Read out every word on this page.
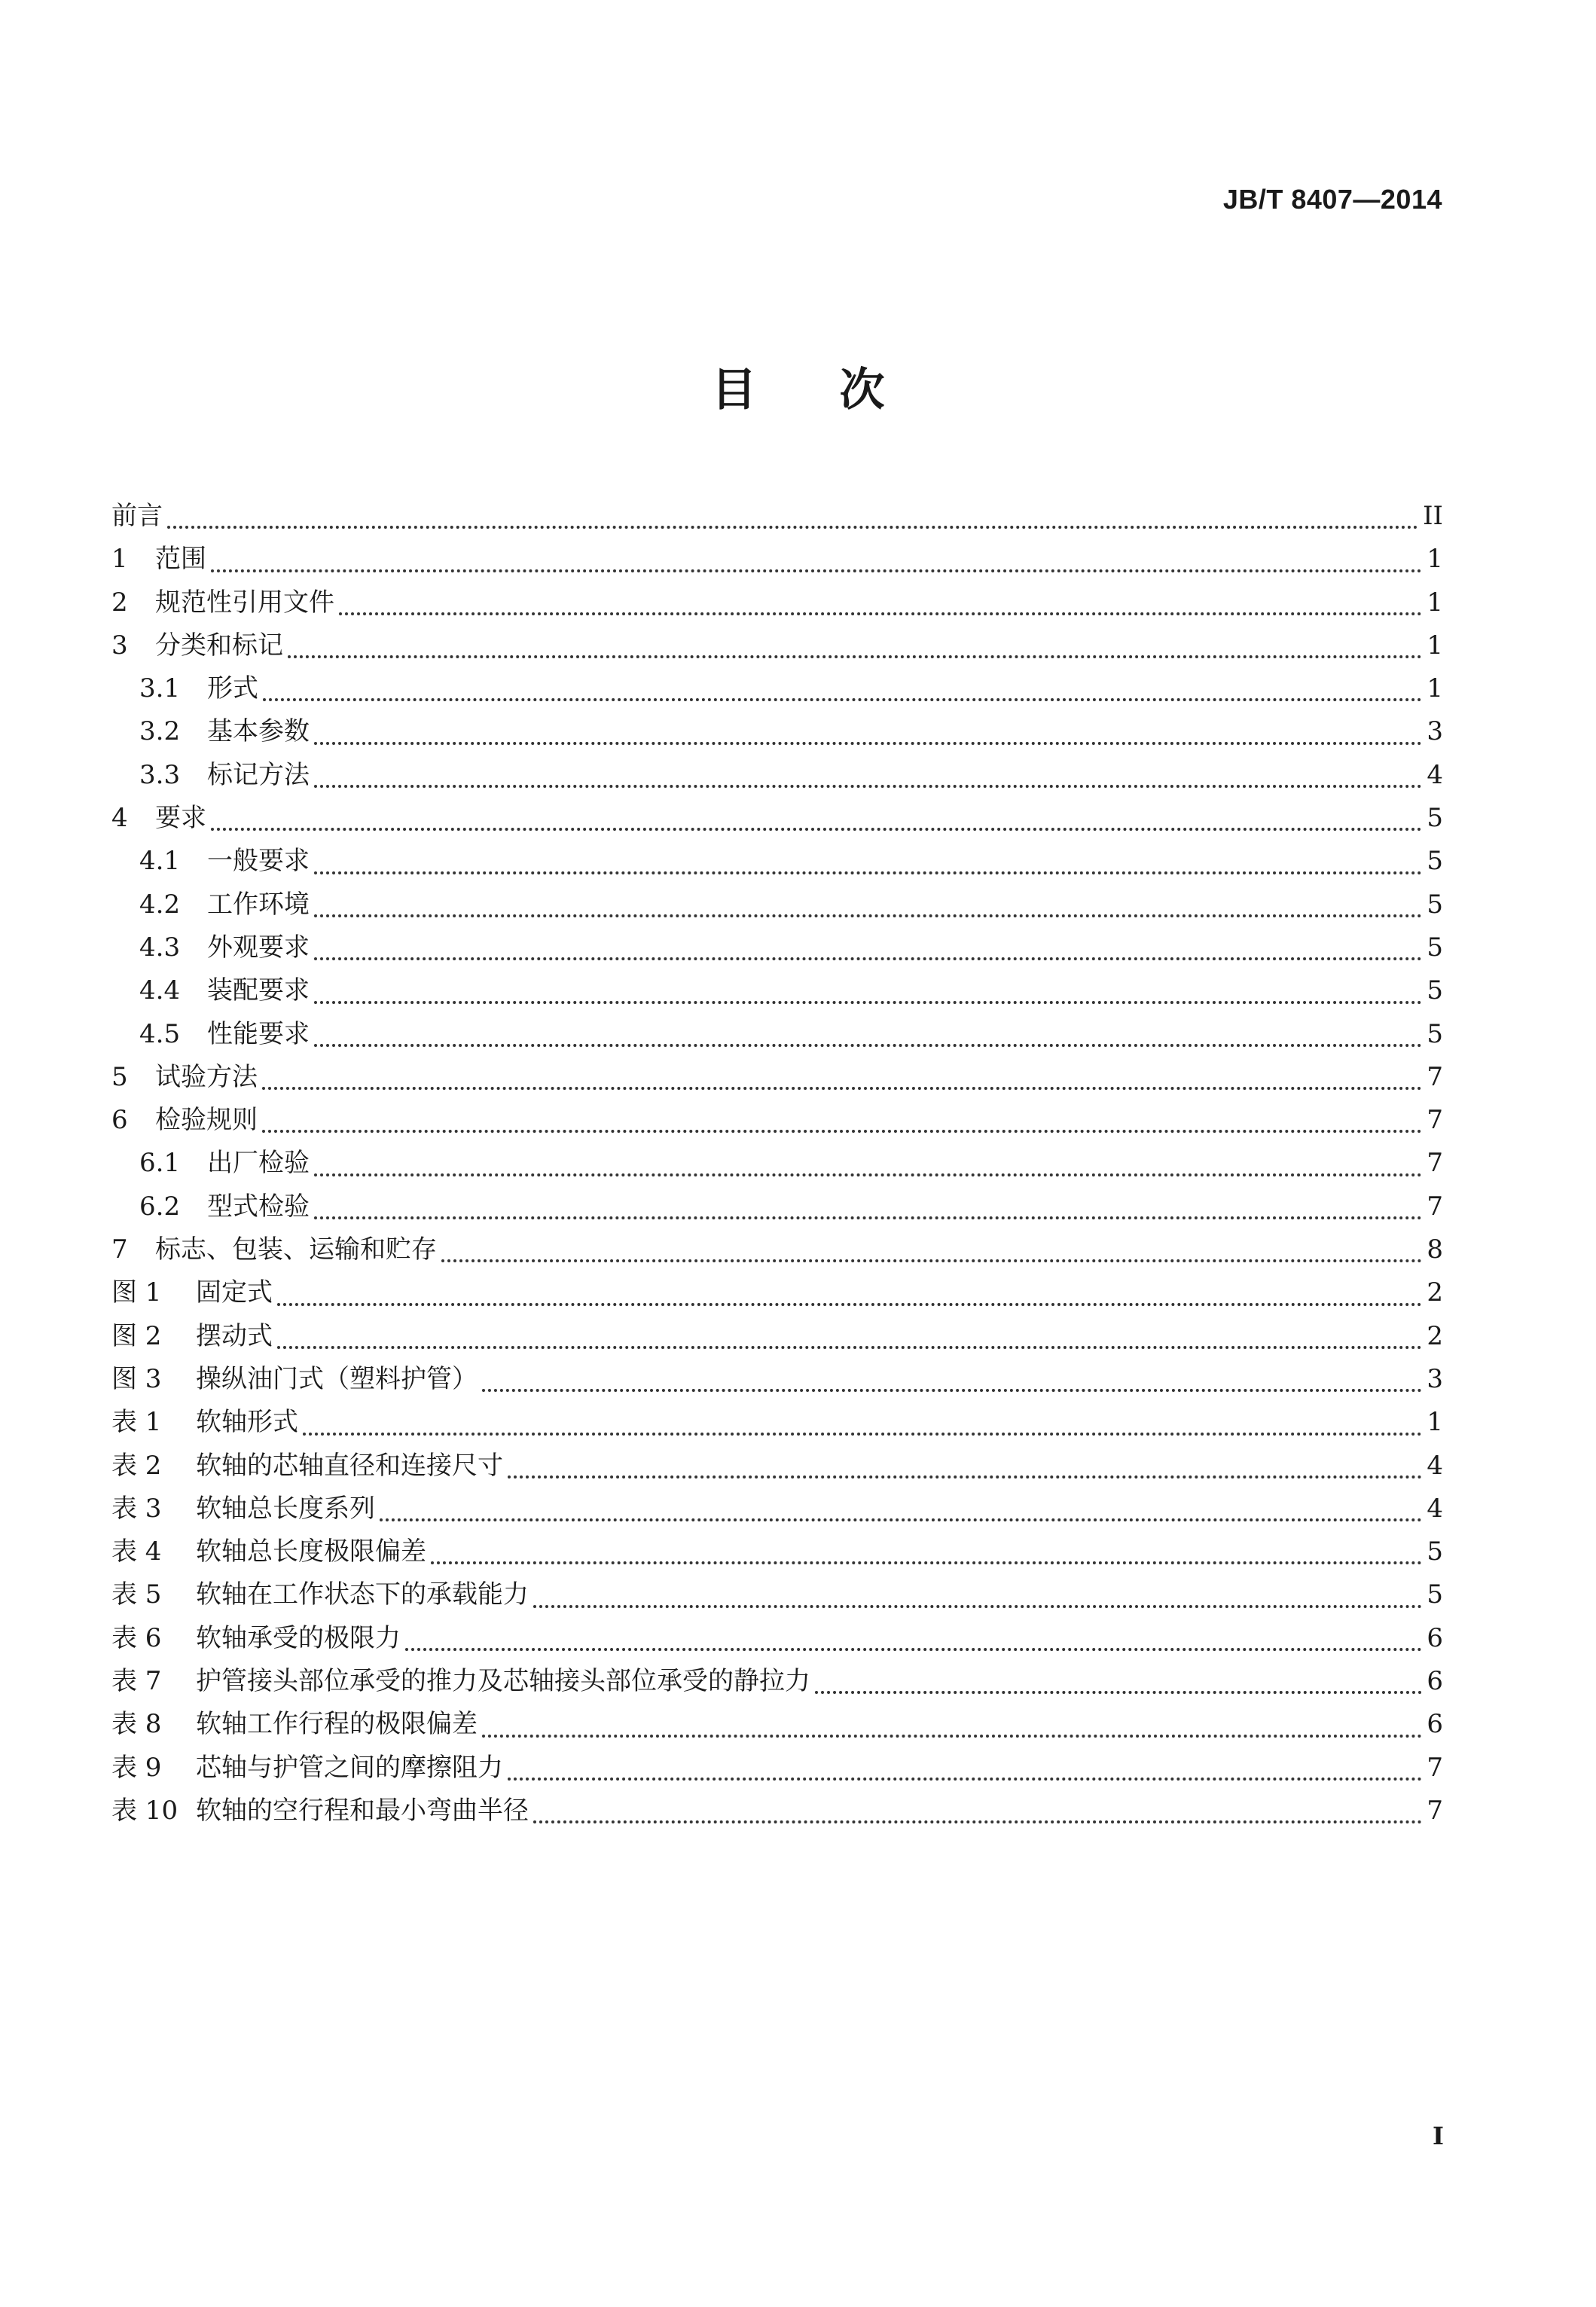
JB/T 8407—2014
目次
前言	II
1	范围	1
2	规范性引用文件	1
3	分类和标记	1
3.1	形式	1
3.2	基本参数	3
3.3	标记方法	4
4	要求	5
4.1	一般要求	5
4.2	工作环境	5
4.3	外观要求	5
4.4	装配要求	5
4.5	性能要求	5
5	试验方法	7
6	检验规则	7
6.1	出厂检验	7
6.2	型式检验	7
7	标志、包装、运输和贮存	8
图 1	固定式	2
图 2	摆动式	2
图 3	操纵油门式（塑料护管）	3
表 1	软轴形式	1
表 2	软轴的芯轴直径和连接尺寸	4
表 3	软轴总长度系列	4
表 4	软轴总长度极限偏差	5
表 5	软轴在工作状态下的承载能力	5
表 6	软轴承受的极限力	6
表 7	护管接头部位承受的推力及芯轴接头部位承受的静拉力	6
表 8	软轴工作行程的极限偏差	6
表 9	芯轴与护管之间的摩擦阻力	7
表 10 软轴的空行程和最小弯曲半径	7
I
